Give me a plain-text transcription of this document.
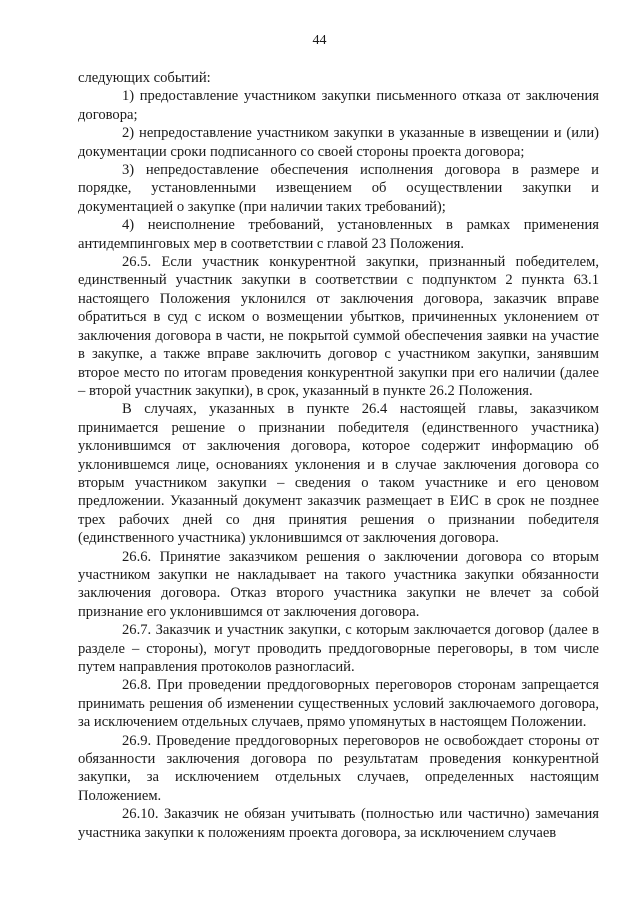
44

следующих событий:

1) предоставление участником закупки письменного отказа от заключения договора;

2) непредоставление участником закупки в указанные в извещении и (или) документации сроки подписанного со своей стороны проекта договора;

3) непредоставление обеспечения исполнения договора в размере и порядке, установленными извещением об осуществлении закупки и документацией о закупке (при наличии таких требований);

4) неисполнение требований, установленных в рамках применения антидемпинговых мер в соответствии с главой 23 Положения.

26.5. Если участник конкурентной закупки, признанный победителем, единственный участник закупки в соответствии с подпунктом 2 пункта 63.1 настоящего Положения уклонился от заключения договора, заказчик вправе обратиться в суд с иском о возмещении убытков, причиненных уклонением от заключения договора в части, не покрытой суммой обеспечения заявки на участие в закупке, а также вправе заключить договор с участником закупки, занявшим второе место по итогам проведения конкурентной закупки при его наличии (далее – второй участник закупки), в срок, указанный в пункте 26.2 Положения.

В случаях, указанных в пункте 26.4 настоящей главы, заказчиком принимается решение о признании победителя (единственного участника) уклонившимся от заключения договора, которое содержит информацию об уклонившемся лице, основаниях уклонения и в случае заключения договора со вторым участником закупки – сведения о таком участнике и его ценовом предложении. Указанный документ заказчик размещает в ЕИС в срок не позднее трех рабочих дней со дня принятия решения о признании победителя (единственного участника) уклонившимся от заключения договора.

26.6. Принятие заказчиком решения о заключении договора со вторым участником закупки не накладывает на такого участника закупки обязанности заключения договора. Отказ второго участника закупки не влечет за собой признание его уклонившимся от заключения договора.

26.7. Заказчик и участник закупки, с которым заключается договор (далее в разделе – стороны), могут проводить преддоговорные переговоры, в том числе путем направления протоколов разногласий.

26.8. При проведении преддоговорных переговоров сторонам запрещается принимать решения об изменении существенных условий заключаемого договора, за исключением отдельных случаев, прямо упомянутых в настоящем Положении.

26.9. Проведение преддоговорных переговоров не освобождает стороны от обязанности заключения договора по результатам проведения конкурентной закупки, за исключением отдельных случаев, определенных настоящим Положением.

26.10. Заказчик не обязан учитывать (полностью или частично) замечания участника закупки к положениям проекта договора, за исключением случаев
